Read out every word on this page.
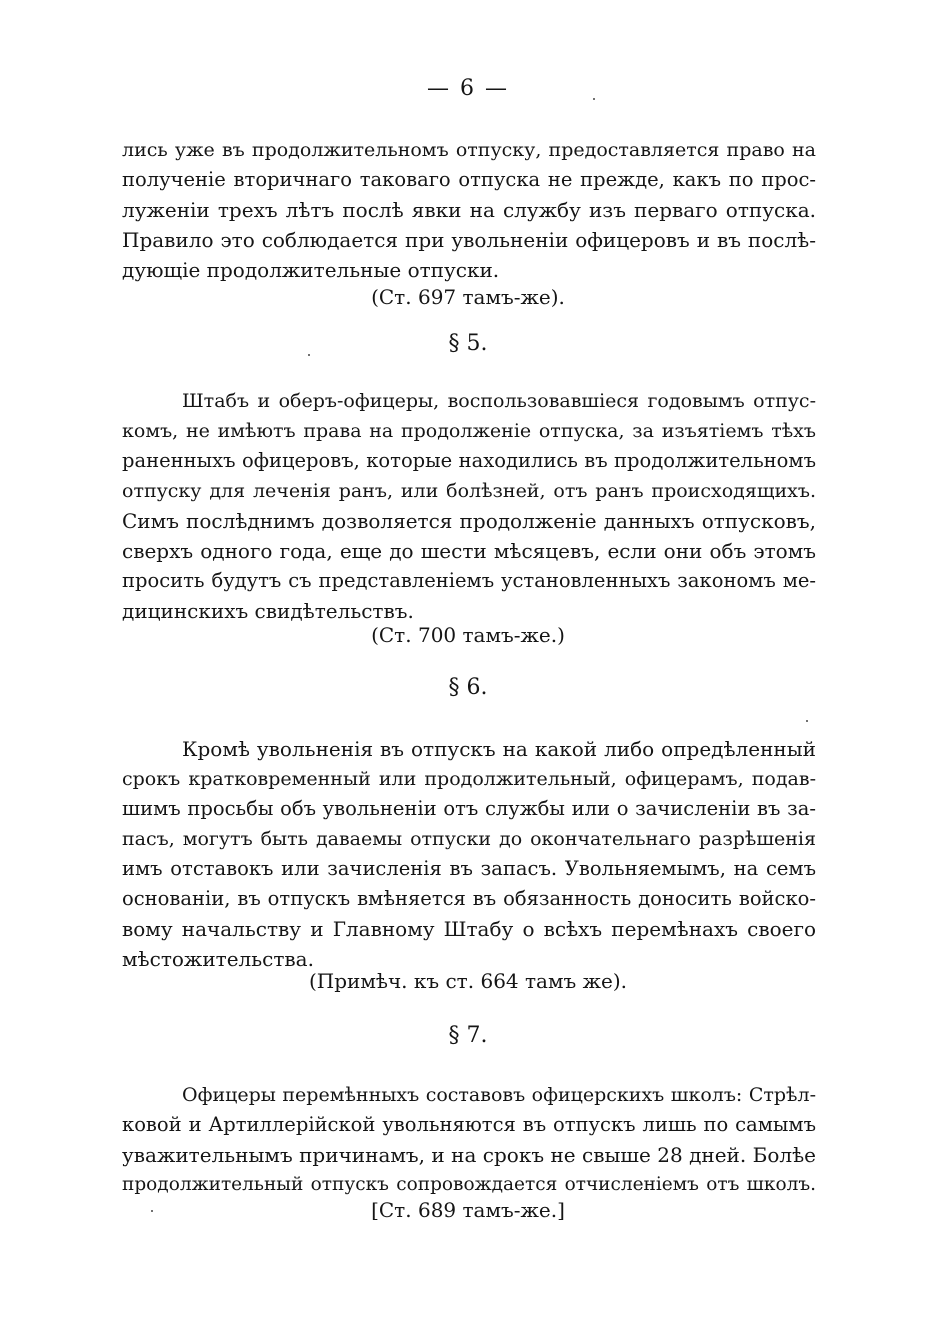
— 6 —
лись уже въ продолжительномъ отпуску, предоставляется право на
полученіе вторичнаго таковаго отпуска не прежде, какъ по прос-
луженіи трехъ лѣтъ послѣ явки на службу изъ перваго отпуска.
Правило это соблюдается при увольненіи офицеровъ и въ послѣ-
дующіе продолжительные отпуски.
(Ст. 697 тамъ-же).
§ 5.
Штабъ и оберъ-офицеры, воспользовавшіеся годовымъ отпус-
комъ, не имѣютъ права на продолженіе отпуска, за изъятіемъ тѣхъ
раненныхъ офицеровъ, которые находились въ продолжительномъ
отпуску для леченія ранъ, или болѣзней, отъ ранъ происходящихъ.
Симъ послѣднимъ дозволяется продолженіе данныхъ отпусковъ,
сверхъ одного года, еще до шести мѣсяцевъ, если они объ этомъ
просить будутъ съ представленіемъ установленныхъ закономъ ме-
дицинскихъ свидѣтельствъ.
(Ст. 700 тамъ-же.)
§ 6.
Кромѣ увольненія въ отпускъ на какой либо опредѣленный
срокъ кратковременный или продолжительный, офицерамъ, подав-
шимъ просьбы объ увольненіи отъ службы или о зачисленіи въ за-
пасъ, могутъ быть даваемы отпуски до окончательнаго разрѣшенія
имъ отставокъ или зачисленія въ запасъ. Увольняемымъ, на семъ
основаніи, въ отпускъ вмѣняется въ обязанность доносить войско-
вому начальству и Главному Штабу о всѣхъ перемѣнахъ своего
мѣстожительства.
(Примѣч. къ ст. 664 тамъ же).
§ 7.
Офицеры перемѣнныхъ составовъ офицерскихъ школъ: Стрѣл-
ковой и Артиллерійской увольняются въ отпускъ лишь по самымъ
уважительнымъ причинамъ, и на срокъ не свыше 28 дней. Болѣе
продолжительный отпускъ сопровождается отчисленіемъ отъ школъ.
[Ст. 689 тамъ-же.]
